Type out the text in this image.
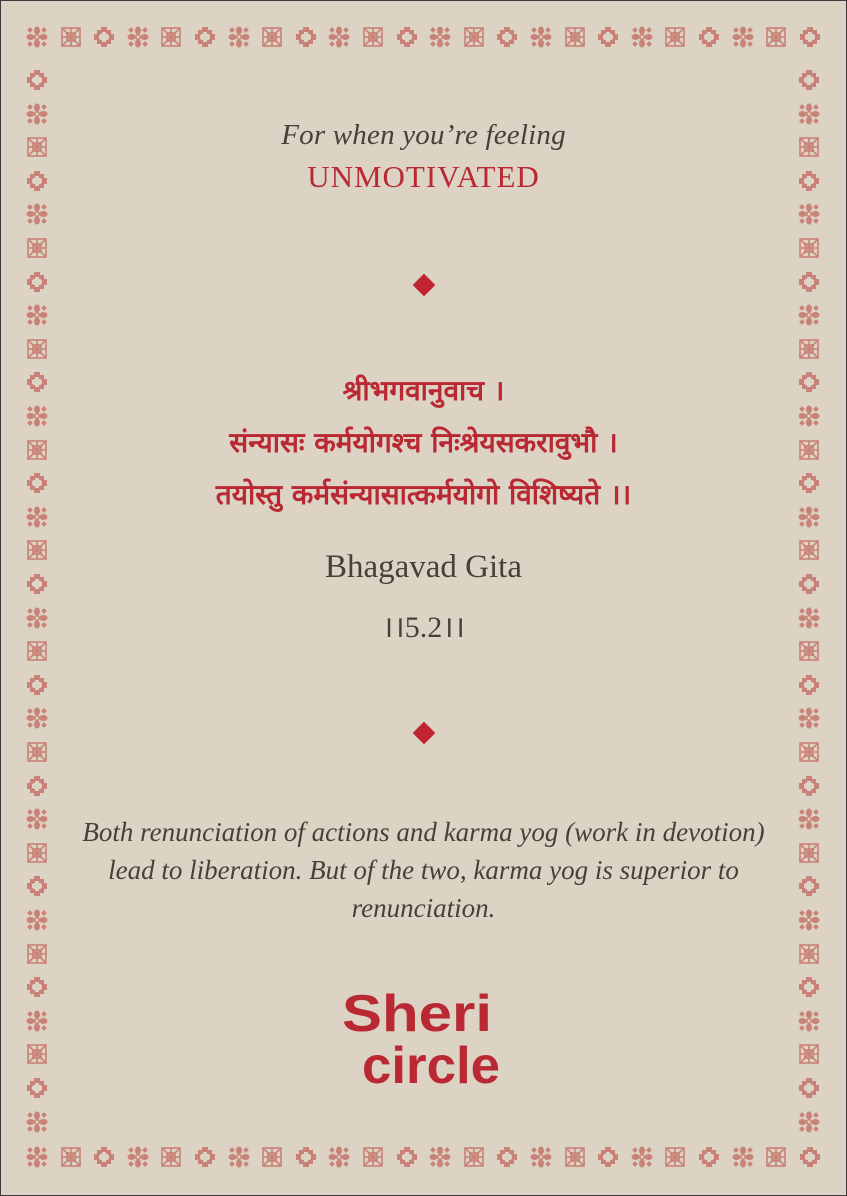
For when you’re feeling
UNMOTIVATED
श्रीभगवानुवाच ।
संन्यासः कर्मयोगश्च निःश्रेयसकरावुभौ ।
तयोस्तु कर्मसंन्यासात्कर्मयोगो विशिष्यते ।।
Bhagavad Gita
।।5.2।।
Both renunciation of actions and karma yog (work in devotion) lead to liberation. But of the two, karma yog is superior to renunciation.
Sheri
circle
